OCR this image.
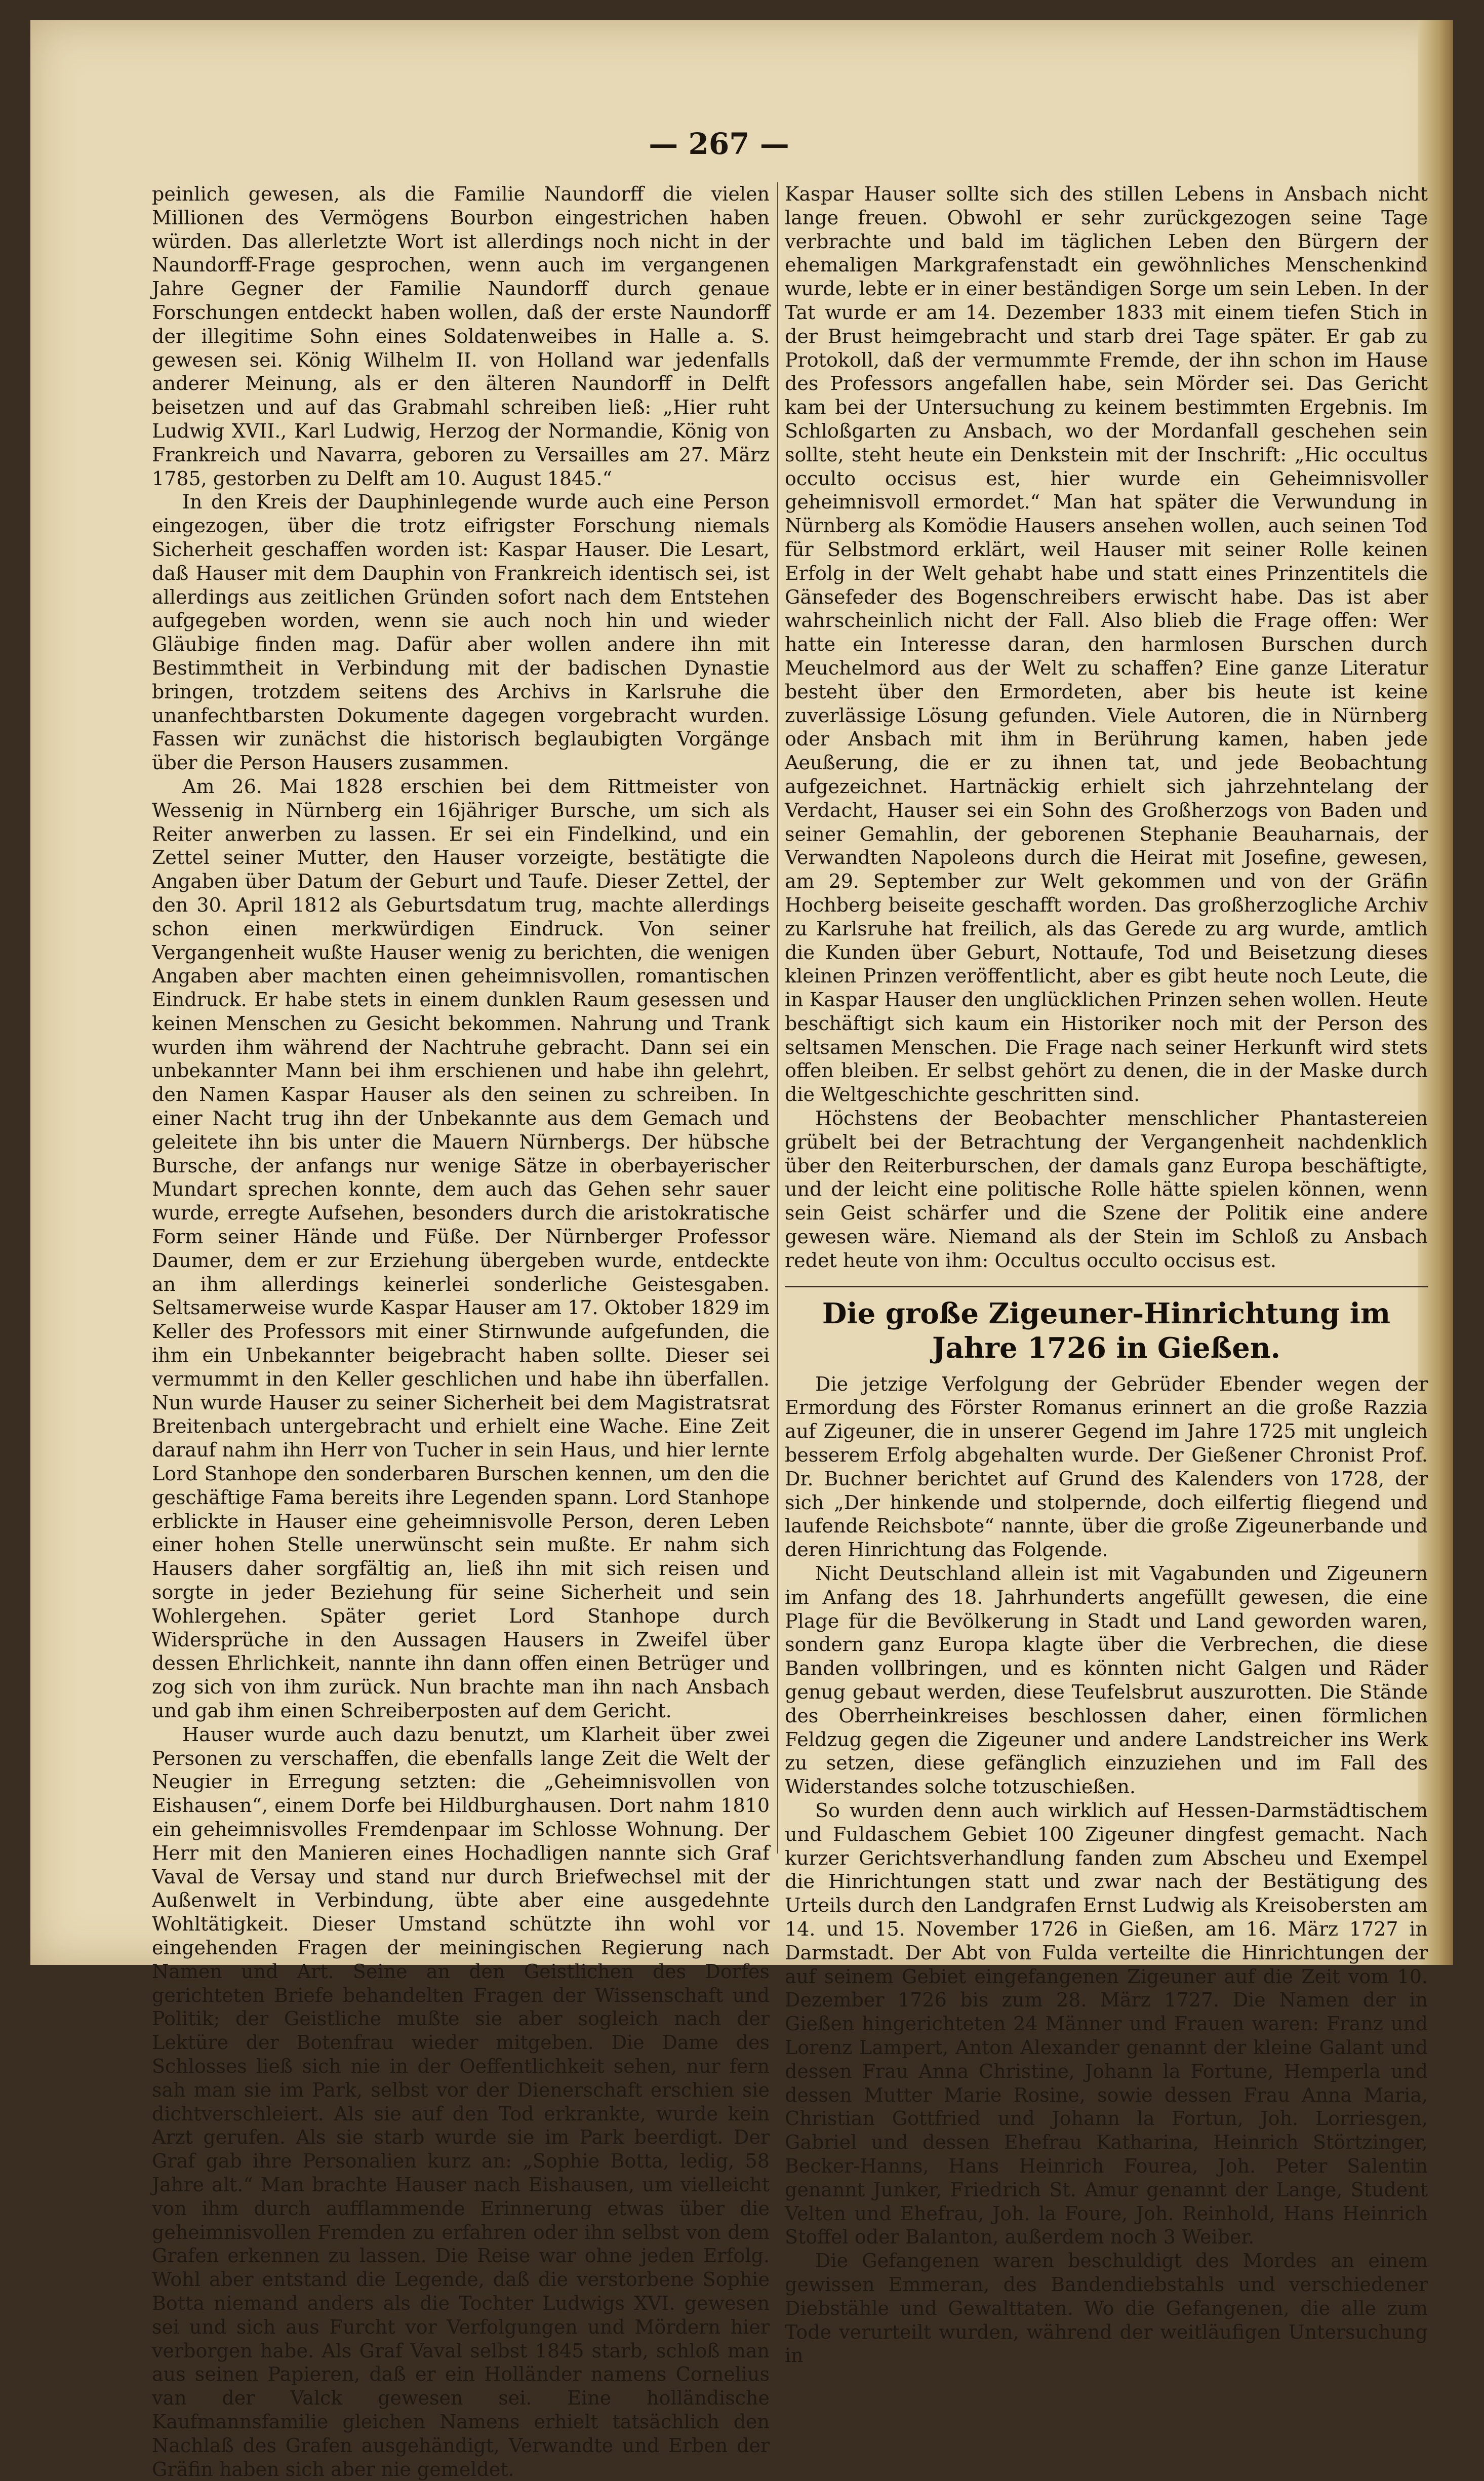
— 267 —

peinlich gewesen, als die Familie Naundorff die vielen Millionen des Vermögens Bourbon eingestrichen haben würden. Das allerletzte Wort ist allerdings noch nicht in der Naundorff-Frage gesprochen, wenn auch im vergangenen Jahre Gegner der Familie Naundorff durch genaue Forschungen entdeckt haben wollen, daß der erste Naundorff der illegitime Sohn eines Soldatenweibes in Halle a. S. gewesen sei. König Wilhelm II. von Holland war jedenfalls anderer Meinung, als er den älteren Naundorff in Delft beisetzen und auf das Grabmahl schreiben ließ: „Hier ruht Ludwig XVII., Karl Ludwig, Herzog der Normandie, König von Frankreich und Navarra, geboren zu Versailles am 27. März 1785, gestorben zu Delft am 10. August 1845.“

In den Kreis der Dauphinlegende wurde auch eine Person eingezogen, über die trotz eifrigster Forschung niemals Sicherheit geschaffen worden ist: Kaspar Hauser. Die Lesart, daß Hauser mit dem Dauphin von Frankreich identisch sei, ist allerdings aus zeitlichen Gründen sofort nach dem Entstehen aufgegeben worden, wenn sie auch noch hin und wieder Gläubige finden mag. Dafür aber wollen andere ihn mit Bestimmtheit in Verbindung mit der badischen Dynastie bringen, trotzdem seitens des Archivs in Karlsruhe die unanfechtbarsten Dokumente dagegen vorgebracht wurden. Fassen wir zunächst die historisch beglaubigten Vorgänge über die Person Hausers zusammen.

Am 26. Mai 1828 erschien bei dem Rittmeister von Wessenig in Nürnberg ein 16jähriger Bursche, um sich als Reiter anwerben zu lassen. Er sei ein Findelkind, und ein Zettel seiner Mutter, den Hauser vorzeigte, bestätigte die Angaben über Datum der Geburt und Taufe. Dieser Zettel, der den 30. April 1812 als Geburtsdatum trug, machte allerdings schon einen merkwürdigen Eindruck. Von seiner Vergangenheit wußte Hauser wenig zu berichten, die wenigen Angaben aber machten einen geheimnisvollen, romantischen Eindruck. Er habe stets in einem dunklen Raum gesessen und keinen Menschen zu Gesicht bekommen. Nahrung und Trank wurden ihm während der Nachtruhe gebracht. Dann sei ein unbekannter Mann bei ihm erschienen und habe ihn gelehrt, den Namen Kaspar Hauser als den seinen zu schreiben. In einer Nacht trug ihn der Unbekannte aus dem Gemach und geleitete ihn bis unter die Mauern Nürnbergs. Der hübsche Bursche, der anfangs nur wenige Sätze in oberbayerischer Mundart sprechen konnte, dem auch das Gehen sehr sauer wurde, erregte Aufsehen, besonders durch die aristokratische Form seiner Hände und Füße. Der Nürnberger Professor Daumer, dem er zur Erziehung übergeben wurde, entdeckte an ihm allerdings keinerlei sonderliche Geistesgaben. Seltsamerweise wurde Kaspar Hauser am 17. Oktober 1829 im Keller des Professors mit einer Stirnwunde aufgefunden, die ihm ein Unbekannter beigebracht haben sollte. Dieser sei vermummt in den Keller geschlichen und habe ihn überfallen. Nun wurde Hauser zu seiner Sicherheit bei dem Magistratsrat Breitenbach untergebracht und erhielt eine Wache. Eine Zeit darauf nahm ihn Herr von Tucher in sein Haus, und hier lernte Lord Stanhope den sonderbaren Burschen kennen, um den die geschäftige Fama bereits ihre Legenden spann. Lord Stanhope erblickte in Hauser eine geheimnisvolle Person, deren Leben einer hohen Stelle unerwünscht sein mußte. Er nahm sich Hausers daher sorgfältig an, ließ ihn mit sich reisen und sorgte in jeder Beziehung für seine Sicherheit und sein Wohlergehen. Später geriet Lord Stanhope durch Widersprüche in den Aussagen Hausers in Zweifel über dessen Ehrlichkeit, nannte ihn dann offen einen Betrüger und zog sich von ihm zurück. Nun brachte man ihn nach Ansbach und gab ihm einen Schreiberposten auf dem Gericht.

Hauser wurde auch dazu benutzt, um Klarheit über zwei Personen zu verschaffen, die ebenfalls lange Zeit die Welt der Neugier in Erregung setzten: die „Geheimnisvollen von Eishausen“, einem Dorfe bei Hildburghausen. Dort nahm 1810 ein geheimnisvolles Fremdenpaar im Schlosse Wohnung. Der Herr mit den Manieren eines Hochadligen nannte sich Graf Vaval de Versay und stand nur durch Briefwechsel mit der Außenwelt in Verbindung, übte aber eine ausgedehnte Wohltätigkeit. Dieser Umstand schützte ihn wohl vor eingehenden Fragen der meiningischen Regierung nach Namen und Art. Seine an den Geistlichen des Dorfes gerichteten Briefe behandelten Fragen der Wissenschaft und Politik; der Geistliche mußte sie aber sogleich nach der Lektüre der Botenfrau wieder mitgeben. Die Dame des Schlosses ließ sich nie in der Oeffentlichkeit sehen, nur fern sah man sie im Park, selbst vor der Dienerschaft erschien sie dichtverschleiert. Als sie auf den Tod erkrankte, wurde kein Arzt gerufen. Als sie starb wurde sie im Park beerdigt. Der Graf gab ihre Personalien kurz an: „Sophie Botta, ledig, 58 Jahre alt.“ Man brachte Hauser nach Eishausen, um vielleicht von ihm durch aufflammende Erinnerung etwas über die geheimnisvollen Fremden zu erfahren oder ihn selbst von dem Grafen erkennen zu lassen. Die Reise war ohne jeden Erfolg. Wohl aber entstand die Legende, daß die verstorbene Sophie Botta niemand anders als die Tochter Ludwigs XVI. gewesen sei und sich aus Furcht vor Verfolgungen und Mördern hier verborgen habe. Als Graf Vaval selbst 1845 starb, schloß man aus seinen Papieren, daß er ein Holländer namens Cornelius van der Valck gewesen sei. Eine holländische Kaufmannsfamilie gleichen Namens erhielt tatsächlich den Nachlaß des Grafen ausgehändigt, Verwandte und Erben der Gräfin haben sich aber nie gemeldet.

Kaspar Hauser sollte sich des stillen Lebens in Ansbach nicht lange freuen. Obwohl er sehr zurückgezogen seine Tage verbrachte und bald im täglichen Leben den Bürgern der ehemaligen Markgrafenstadt ein gewöhnliches Menschenkind wurde, lebte er in einer beständigen Sorge um sein Leben. In der Tat wurde er am 14. Dezember 1833 mit einem tiefen Stich in der Brust heimgebracht und starb drei Tage später. Er gab zu Protokoll, daß der vermummte Fremde, der ihn schon im Hause des Professors angefallen habe, sein Mörder sei. Das Gericht kam bei der Untersuchung zu keinem bestimmten Ergebnis. Im Schloßgarten zu Ansbach, wo der Mordanfall geschehen sein sollte, steht heute ein Denkstein mit der Inschrift: „Hic occultus occulto occisus est, hier wurde ein Geheimnisvoller geheimnisvoll ermordet.“ Man hat später die Verwundung in Nürnberg als Komödie Hausers ansehen wollen, auch seinen Tod für Selbstmord erklärt, weil Hauser mit seiner Rolle keinen Erfolg in der Welt gehabt habe und statt eines Prinzentitels die Gänsefeder des Bogenschreibers erwischt habe. Das ist aber wahrscheinlich nicht der Fall. Also blieb die Frage offen: Wer hatte ein Interesse daran, den harmlosen Burschen durch Meuchelmord aus der Welt zu schaffen? Eine ganze Literatur besteht über den Ermordeten, aber bis heute ist keine zuverlässige Lösung gefunden. Viele Autoren, die in Nürnberg oder Ansbach mit ihm in Berührung kamen, haben jede Aeußerung, die er zu ihnen tat, und jede Beobachtung aufgezeichnet. Hartnäckig erhielt sich jahrzehntelang der Verdacht, Hauser sei ein Sohn des Großherzogs von Baden und seiner Gemahlin, der geborenen Stephanie Beauharnais, der Verwandten Napoleons durch die Heirat mit Josefine, gewesen, am 29. September zur Welt gekommen und von der Gräfin Hochberg beiseite geschafft worden. Das großherzogliche Archiv zu Karlsruhe hat freilich, als das Gerede zu arg wurde, amtlich die Kunden über Geburt, Nottaufe, Tod und Beisetzung dieses kleinen Prinzen veröffentlicht, aber es gibt heute noch Leute, die in Kaspar Hauser den unglücklichen Prinzen sehen wollen. Heute beschäftigt sich kaum ein Historiker noch mit der Person des seltsamen Menschen. Die Frage nach seiner Herkunft wird stets offen bleiben. Er selbst gehört zu denen, die in der Maske durch die Weltgeschichte geschritten sind.

Höchstens der Beobachter menschlicher Phantastereien grübelt bei der Betrachtung der Vergangenheit nachdenklich über den Reiterburschen, der damals ganz Europa beschäftigte, und der leicht eine politische Rolle hätte spielen können, wenn sein Geist schärfer und die Szene der Politik eine andere gewesen wäre. Niemand als der Stein im Schloß zu Ansbach redet heute von ihm: Occultus occulto occisus est.

Die große Zigeuner-Hinrichtung im Jahre 1726 in Gießen.

Die jetzige Verfolgung der Gebrüder Ebender wegen der Ermordung des Förster Romanus erinnert an die große Razzia auf Zigeuner, die in unserer Gegend im Jahre 1725 mit ungleich besserem Erfolg abgehalten wurde. Der Gießener Chronist Prof. Dr. Buchner berichtet auf Grund des Kalenders von 1728, der sich „Der hinkende und stolpernde, doch eilfertig fliegend und laufende Reichsbote“ nannte, über die große Zigeunerbande und deren Hinrichtung das Folgende.

Nicht Deutschland allein ist mit Vagabunden und Zigeunern im Anfang des 18. Jahrhunderts angefüllt gewesen, die eine Plage für die Bevölkerung in Stadt und Land geworden waren, sondern ganz Europa klagte über die Verbrechen, die diese Banden vollbringen, und es könnten nicht Galgen und Räder genug gebaut werden, diese Teufelsbrut auszurotten. Die Stände des Oberrheinkreises beschlossen daher, einen förmlichen Feldzug gegen die Zigeuner und andere Landstreicher ins Werk zu setzen, diese gefänglich einzuziehen und im Fall des Widerstandes solche totzuschießen.

So wurden denn auch wirklich auf Hessen-Darmstädtischem und Fuldaschem Gebiet 100 Zigeuner dingfest gemacht. Nach kurzer Gerichtsverhandlung fanden zum Abscheu und Exempel die Hinrichtungen statt und zwar nach der Bestätigung des Urteils durch den Landgrafen Ernst Ludwig als Kreisobersten am 14. und 15. November 1726 in Gießen, am 16. März 1727 in Darmstadt. Der Abt von Fulda verteilte die Hinrichtungen der auf seinem Gebiet eingefangenen Zigeuner auf die Zeit vom 10. Dezember 1726 bis zum 28. März 1727. Die Namen der in Gießen hingerichteten 24 Männer und Frauen waren: Franz und Lorenz Lampert, Anton Alexander genannt der kleine Galant und dessen Frau Anna Christine, Johann la Fortune, Hemperla und dessen Mutter Marie Rosine, sowie dessen Frau Anna Maria, Christian Gottfried und Johann la Fortun, Joh. Lorriesgen, Gabriel und dessen Ehefrau Katharina, Heinrich Störtzinger, Becker-Hanns, Hans Heinrich Fourea, Joh. Peter Salentin genannt Junker, Friedrich St. Amur genannt der Lange, Student Velten und Ehefrau, Joh. la Foure, Joh. Reinhold, Hans Heinrich Stoffel oder Balanton, außerdem noch 3 Weiber.

Die Gefangenen waren beschuldigt des Mordes an einem gewissen Emmeran, des Bandendiebstahls und verschiedener Diebstähle und Gewalttaten. Wo die Gefangenen, die alle zum Tode verurteilt wurden, während der weitläufigen Untersuchung in
